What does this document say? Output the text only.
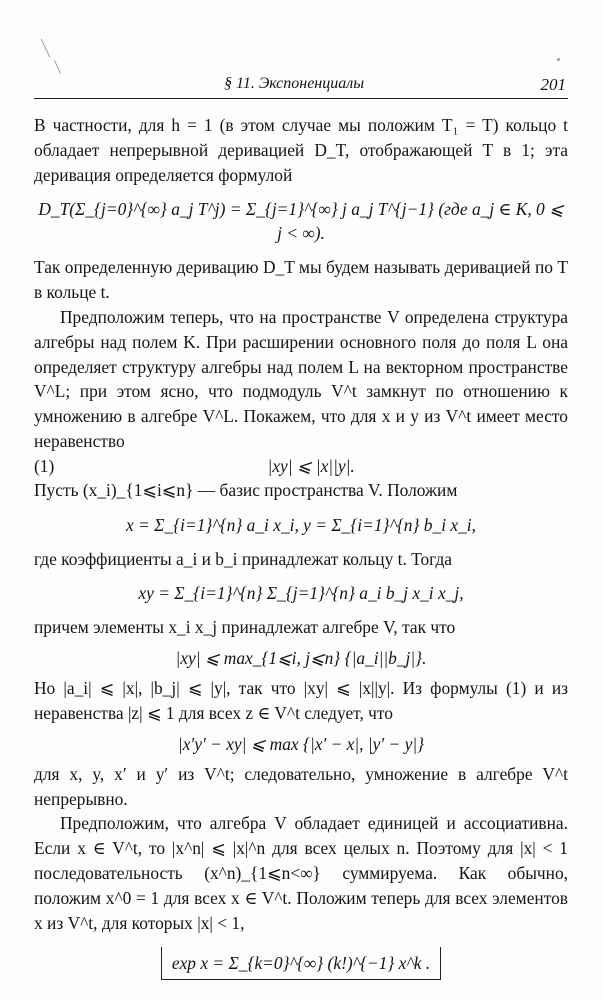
§ 11. Экспоненциалы	201

В частности, для h = 1 (в этом случае мы положим T₁ = T) кольцо t обладает непрерывной деривацией D_T, отображающей T в 1; эта деривация определяется формулой

D_T(Σ_{j=0}^{∞} a_j T^j) = Σ_{j=1}^{∞} j a_j T^{j−1} (где a_j ∈ K, 0 ⩽ j < ∞).

Так определенную деривацию D_T мы будем называть деривацией по T в кольце t.

Предположим теперь, что на пространстве V определена структура алгебры над полем K. При расширении основного поля до поля L она определяет структуру алгебры над полем L на векторном пространстве V^L; при этом ясно, что подмодуль V^t замкнут по отношению к умножению в алгебре V^L. Покажем, что для x и y из V^t имеет место неравенство

(1)	|xy| ⩽ |x||y|.

Пусть (x_i)_{1⩽i⩽n} — базис пространства V. Положим

x = Σ_{i=1}^{n} a_i x_i, y = Σ_{i=1}^{n} b_i x_i,

где коэффициенты a_i и b_i принадлежат кольцу t. Тогда

xy = Σ_{i=1}^{n} Σ_{j=1}^{n} a_i b_j x_i x_j,

причем элементы x_i x_j принадлежат алгебре V, так что

|xy| ⩽ max_{1⩽i, j⩽n} {|a_i||b_j|}.

Но |a_i| ⩽ |x|, |b_j| ⩽ |y|, так что |xy| ⩽ |x||y|. Из формулы (1) и из неравенства |z| ⩽ 1 для всех z ∈ V^t следует, что

|x′y′ − xy| ⩽ max {|x′ − x|, |y′ − y|}

для x, y, x′ и y′ из V^t; следовательно, умножение в алгебре V^t непрерывно.

Предположим, что алгебра V обладает единицей и ассоциативна. Если x ∈ V^t, то |x^n| ⩽ |x|^n для всех целых n. Поэтому для |x| < 1 последовательность (x^n)_{1⩽n<∞} суммируема. Как обычно, положим x^0 = 1 для всех x ∈ V^t. Положим теперь для всех элементов x из V^t, для которых |x| < 1,

exp x = Σ_{k=0}^{∞} (k!)^{−1} x^k .
